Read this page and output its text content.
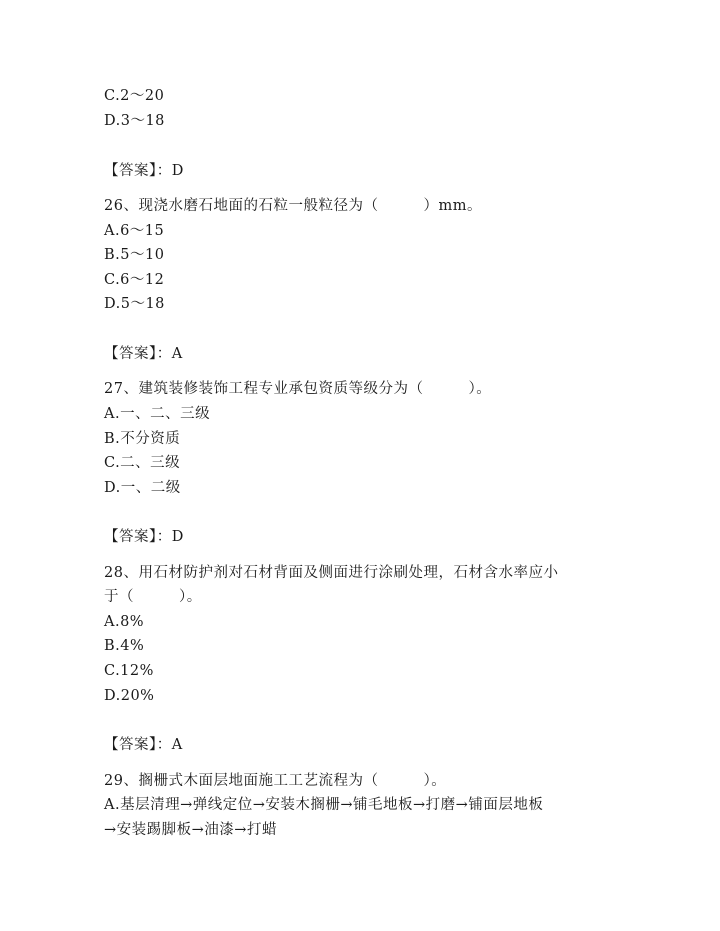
C.2～20
D.3～18
【答案】：D
26、现浇水磨石地面的石粒一般粒径为（　　　）mm。
A.6～15
B.5～10
C.6～12
D.5～18
【答案】：A
27、建筑装修装饰工程专业承包资质等级分为（　　　）。
A.一、二、三级
B.不分资质
C.二、三级
D.一、二级
【答案】：D
28、用石材防护剂对石材背面及侧面进行涂刷处理，石材含水率应小
于（　　　）。
A.8%
B.4%
C.12%
D.20%
【答案】：A
29、搁栅式木面层地面施工工艺流程为（　　　）。
A.基层清理→弹线定位→安装木搁栅→铺毛地板→打磨→铺面层地板
→安装踢脚板→油漆→打蜡
